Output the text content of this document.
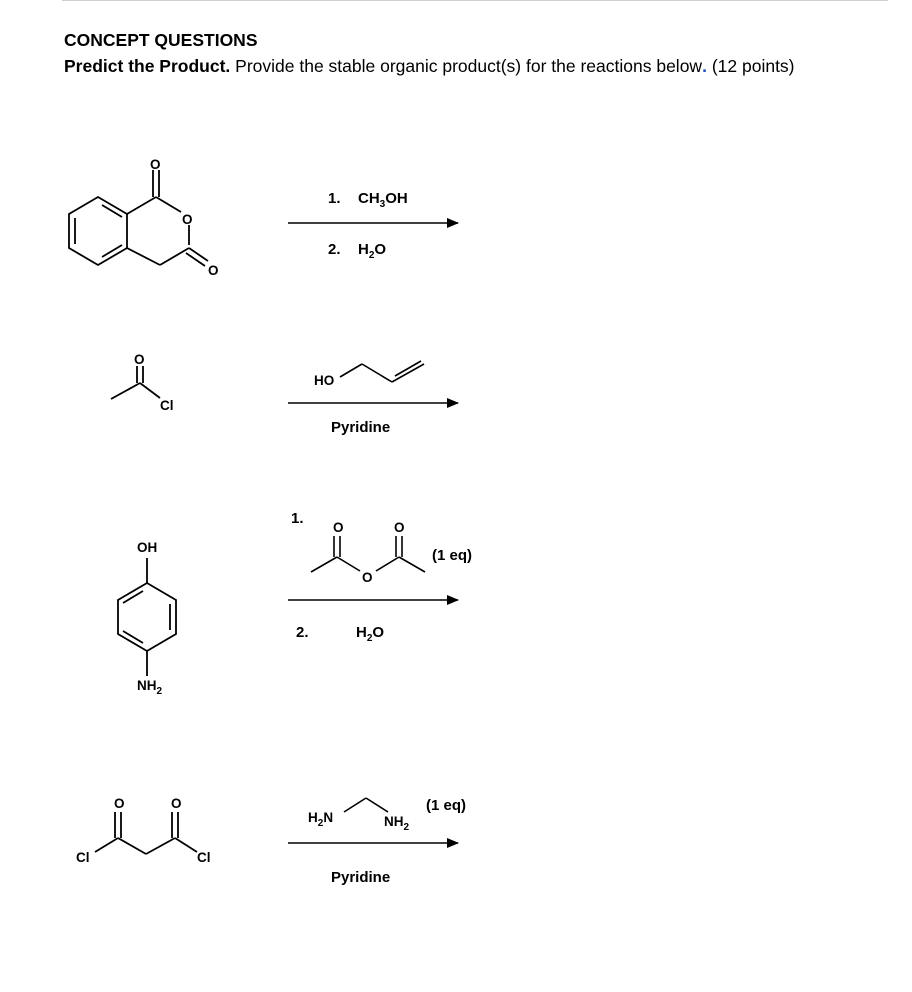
CONCEPT QUESTIONS
Predict the Product. Provide the stable organic product(s) for the reactions below. (12 points)
O
O
O
1. $CH_3OH$
2. $H_2O$
O
Cl
HO
Pyridine
OH
$NH_2$
1.
O
O
O
(1 eq)
2.	$H_2O$
O	O
Cl	Cl
$H_2N$	$NH_2$
(1 eq)
Pyridine
